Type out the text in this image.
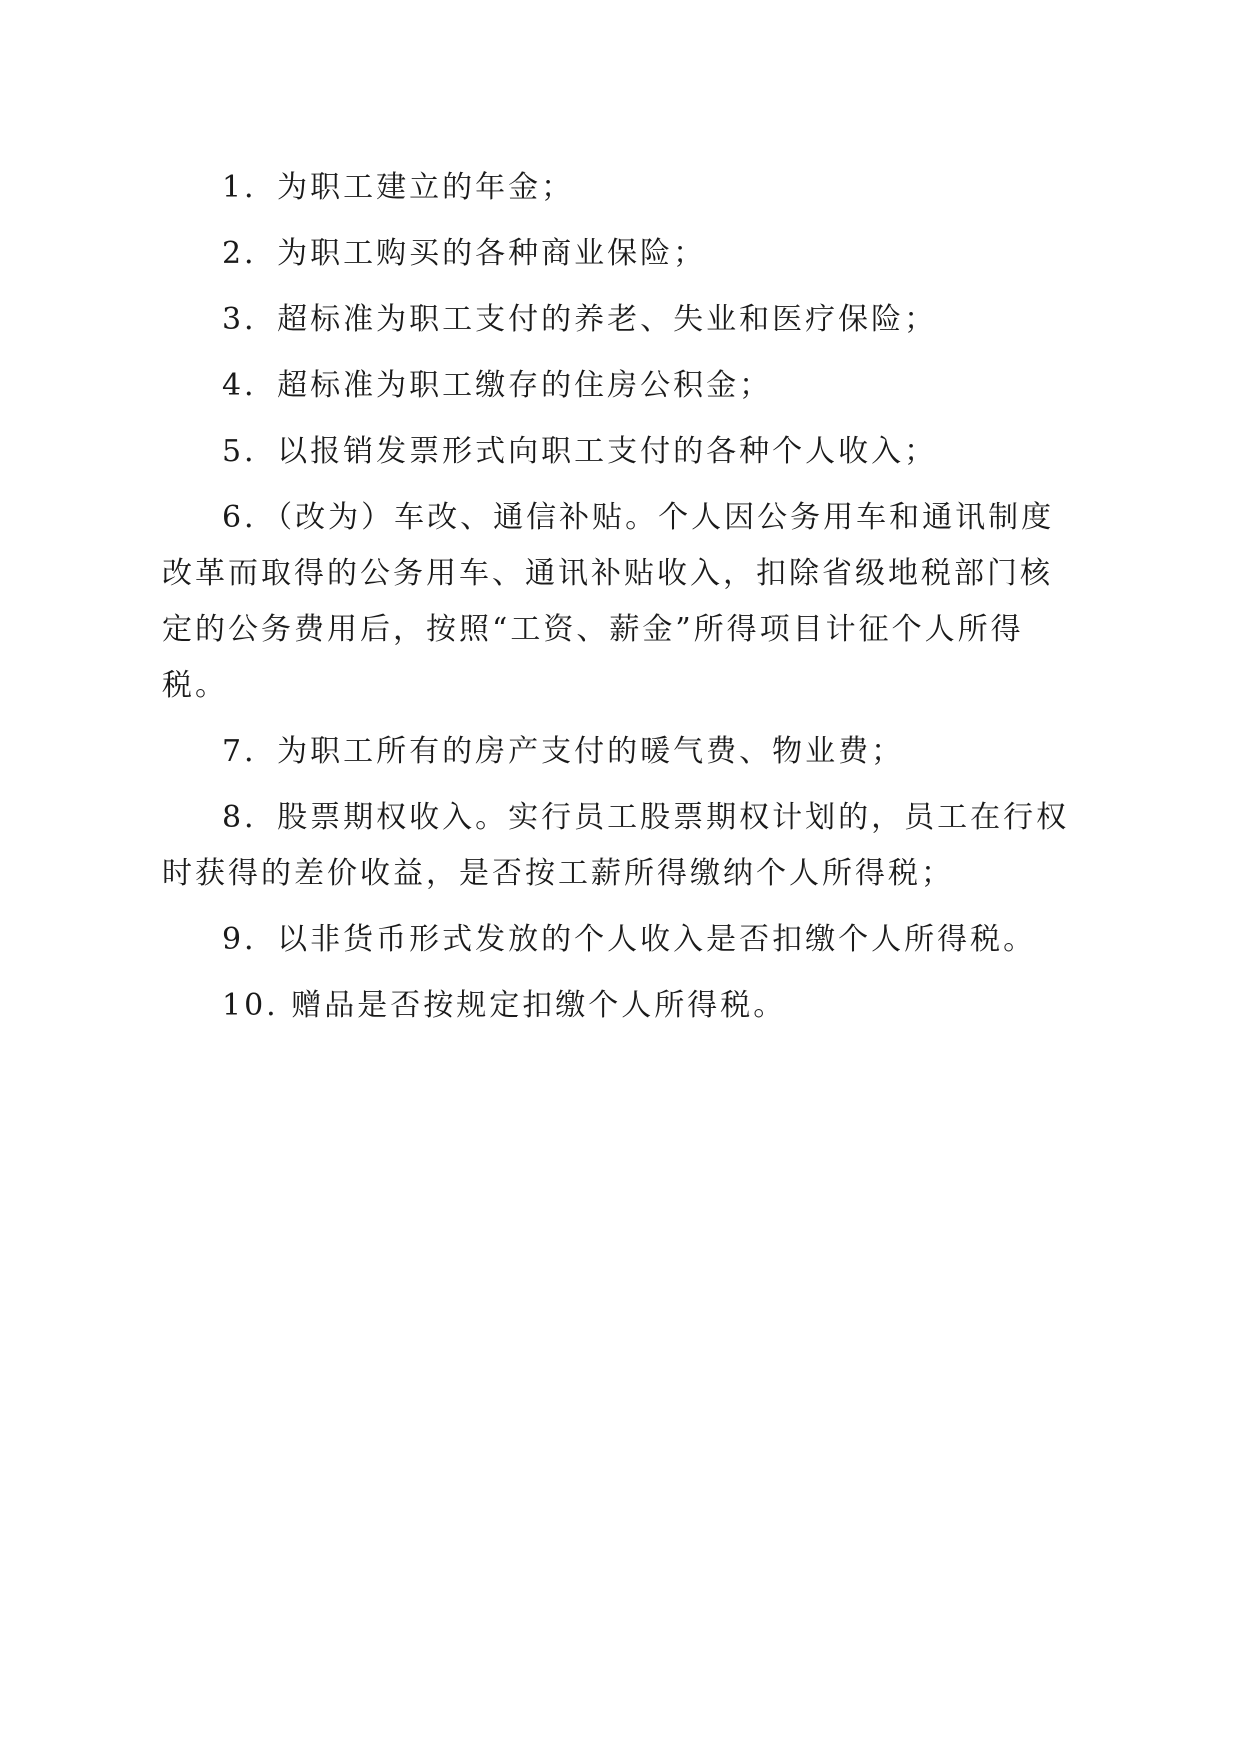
1．为职工建立的年金；

2．为职工购买的各种商业保险；

3．超标准为职工支付的养老、失业和医疗保险；

4．超标准为职工缴存的住房公积金；

5．以报销发票形式向职工支付的各种个人收入；

6．（改为）车改、通信补贴。个人因公务用车和通讯制度改革而取得的公务用车、通讯补贴收入，扣除省级地税部门核定的公务费用后，按照“工资、薪金”所得项目计征个人所得税。

7．为职工所有的房产支付的暖气费、物业费；

8．股票期权收入。实行员工股票期权计划的，员工在行权时获得的差价收益，是否按工薪所得缴纳个人所得税；

9．以非货币形式发放的个人收入是否扣缴个人所得税。

10. 赠品是否按规定扣缴个人所得税。
